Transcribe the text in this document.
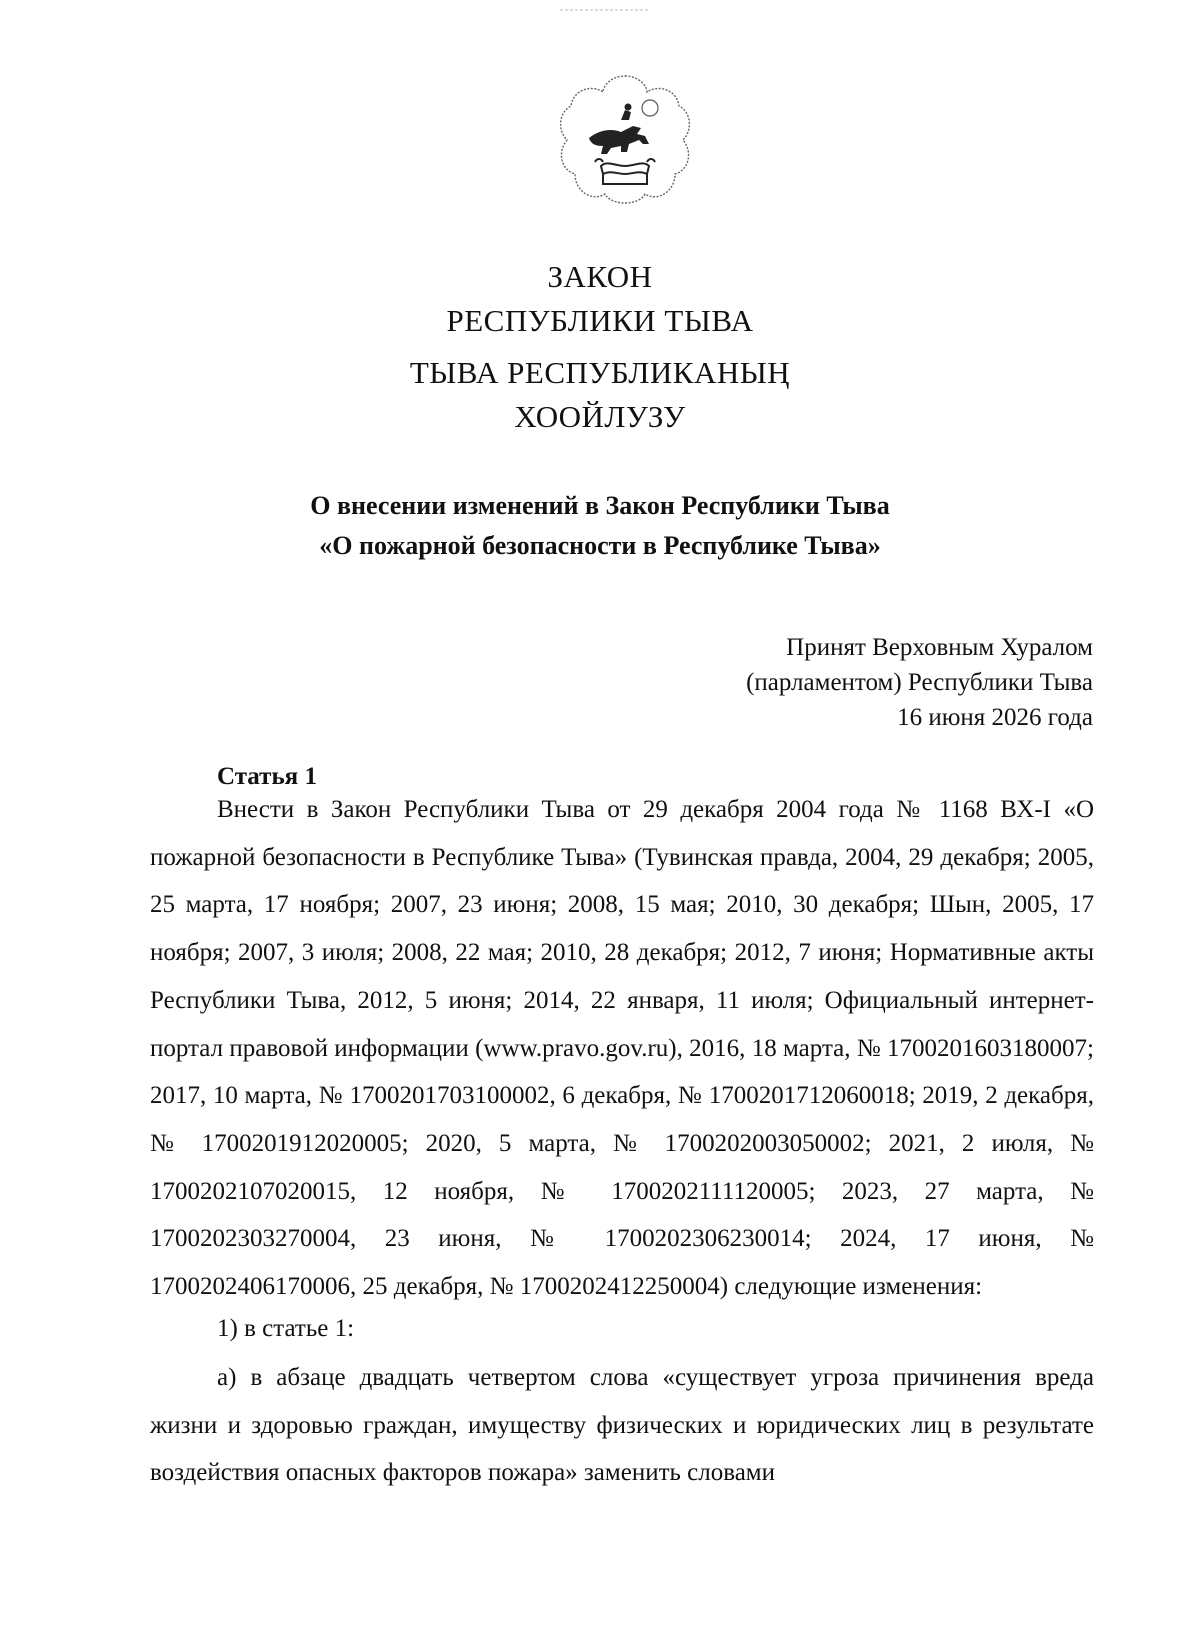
ЗАКОН
РЕСПУБЛИКИ ТЫВА
ТЫВА РЕСПУБЛИКАНЫҢ
ХООЙЛУЗУ
О внесении изменений в Закон Республики Тыва
«О пожарной безопасности в Республике Тыва»
Принят Верховным Хуралом
(парламентом) Республики Тыва
16 июня 2026 года
Статья 1

Внести в Закон Республики Тыва от 29 декабря 2004 года № 1168 ВХ-I «О пожарной безопасности в Республике Тыва» (Тувинская правда, 2004, 29 декабря; 2005, 25 марта, 17 ноября; 2007, 23 июня; 2008, 15 мая; 2010, 30 декабря; Шын, 2005, 17 ноября; 2007, 3 июля; 2008, 22 мая; 2010, 28 декабря; 2012, 7 июня; Нормативные акты Республики Тыва, 2012, 5 июня; 2014, 22 января, 11 июля; Официальный интернет-портал правовой информации (www.pravo.gov.ru), 2016, 18 марта, № 1700201603180007; 2017, 10 марта, № 1700201703100002, 6 декабря, № 1700201712060018; 2019, 2 декабря, № 1700201912020005; 2020, 5 марта, № 1700202003050002; 2021, 2 июля, № 1700202107020015, 12 ноября, № 1700202111120005; 2023, 27 марта, № 1700202303270004, 23 июня, № 1700202306230014; 2024, 17 июня, № 1700202406170006, 25 декабря, № 1700202412250004) следующие изменения:

1) в статье 1:

а) в абзаце двадцать четвертом слова «существует угроза причинения вреда жизни и здоровью граждан, имуществу физических и юридических лиц в результате воздействия опасных факторов пожара» заменить словами
